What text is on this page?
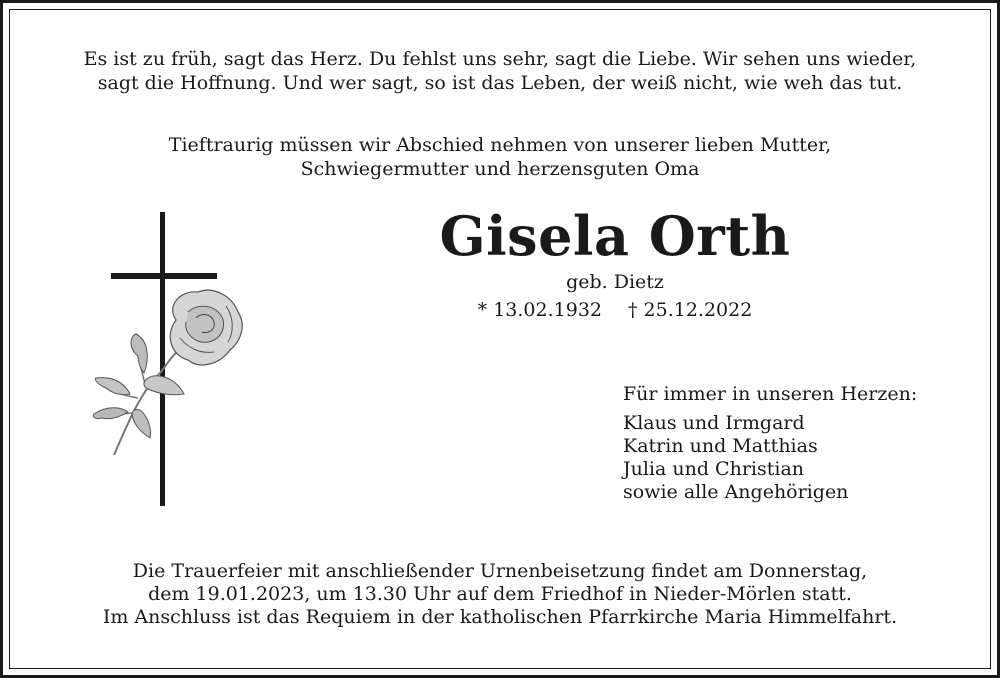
Es ist zu früh, sagt das Herz. Du fehlst uns sehr, sagt die Liebe. Wir sehen uns wieder,
sagt die Hoffnung. Und wer sagt, so ist das Leben, der weiß nicht, wie weh das tut.
Tieftraurig müssen wir Abschied nehmen von unserer lieben Mutter,
Schwiegermutter und herzensguten Oma
Gisela Orth
geb. Dietz
* 13.02.1932 † 25.12.2022
Für immer in unseren Herzen:
Klaus und Irmgard
Katrin und Matthias
Julia und Christian
sowie alle Angehörigen
Die Trauerfeier mit anschließender Urnenbeisetzung findet am Donnerstag,
dem 19.01.2023, um 13.30 Uhr auf dem Friedhof in Nieder-Mörlen statt.
Im Anschluss ist das Requiem in der katholischen Pfarrkirche Maria Himmelfahrt.
